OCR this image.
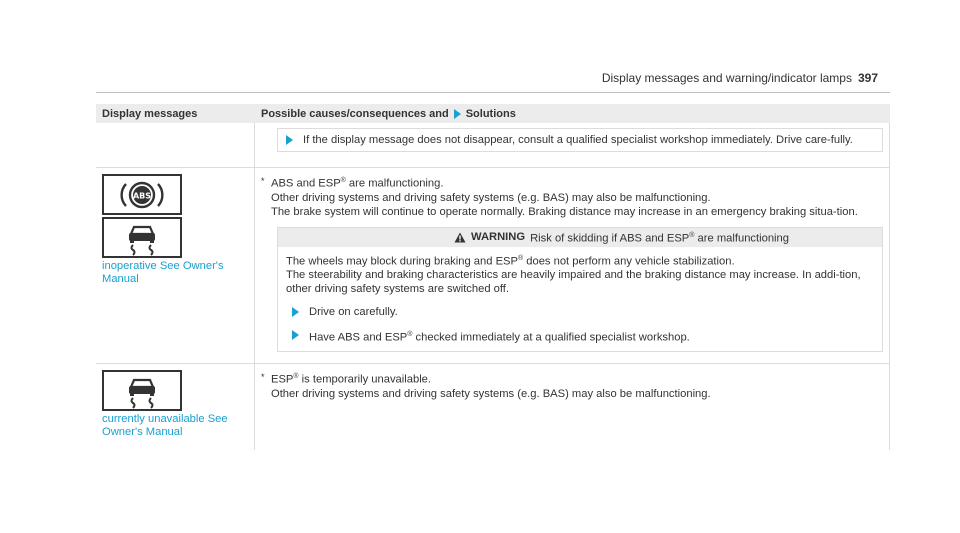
Display messages and warning/indicator lamps 397
Display messages	Possible causes/consequences and Solutions
If the display message does not disappear, consult a qualified specialist workshop immediately. Drive care-fully.
ABS
inoperative See Owner's Manual
* ABS and ESP® are malfunctioning.
Other driving systems and driving safety systems (e.g. BAS) may also be malfunctioning.
The brake system will continue to operate normally. Braking distance may increase in an emergency braking situa-tion.
WARNING Risk of skidding if ABS and ESP® are malfunctioning
The wheels may block during braking and ESP® does not perform any vehicle stabilization.
The steerability and braking characteristics are heavily impaired and the braking distance may increase. In addi-tion, other driving safety systems are switched off.
Drive on carefully.
Have ABS and ESP® checked immediately at a qualified specialist workshop.
currently unavailable See Owner's Manual
* ESP® is temporarily unavailable.
Other driving systems and driving safety systems (e.g. BAS) may also be malfunctioning.
